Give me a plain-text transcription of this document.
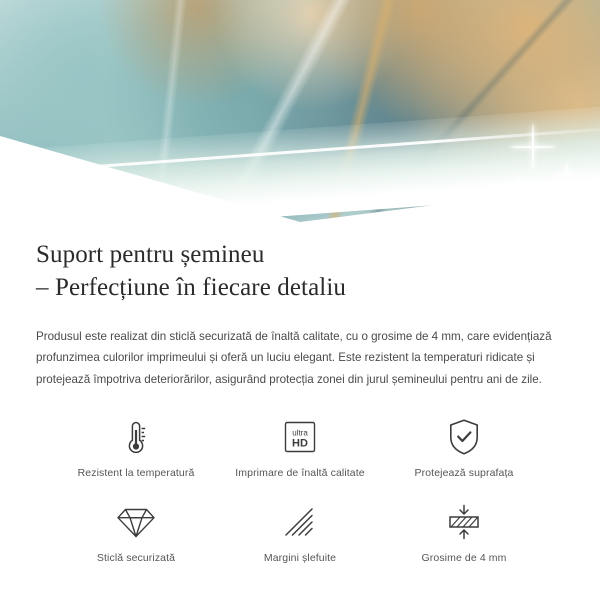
Suport pentru șemineu
– Perfecțiune în fiecare detaliu

Produsul este realizat din sticlă securizată de înaltă calitate, cu o grosime de 4 mm, care evidențiază profunzimea culorilor imprimeului și oferă un luciu elegant. Este rezistent la temperaturi ridicate și protejează împotriva deteriorărilor, asigurând protecția zonei din jurul șemineului pentru ani de zile.

Rezistent la temperatură
ultra
HD
Imprimare de înaltă calitate	Protejează suprafața
Sticlă securizată	Margini șlefuite	Grosime de 4 mm
